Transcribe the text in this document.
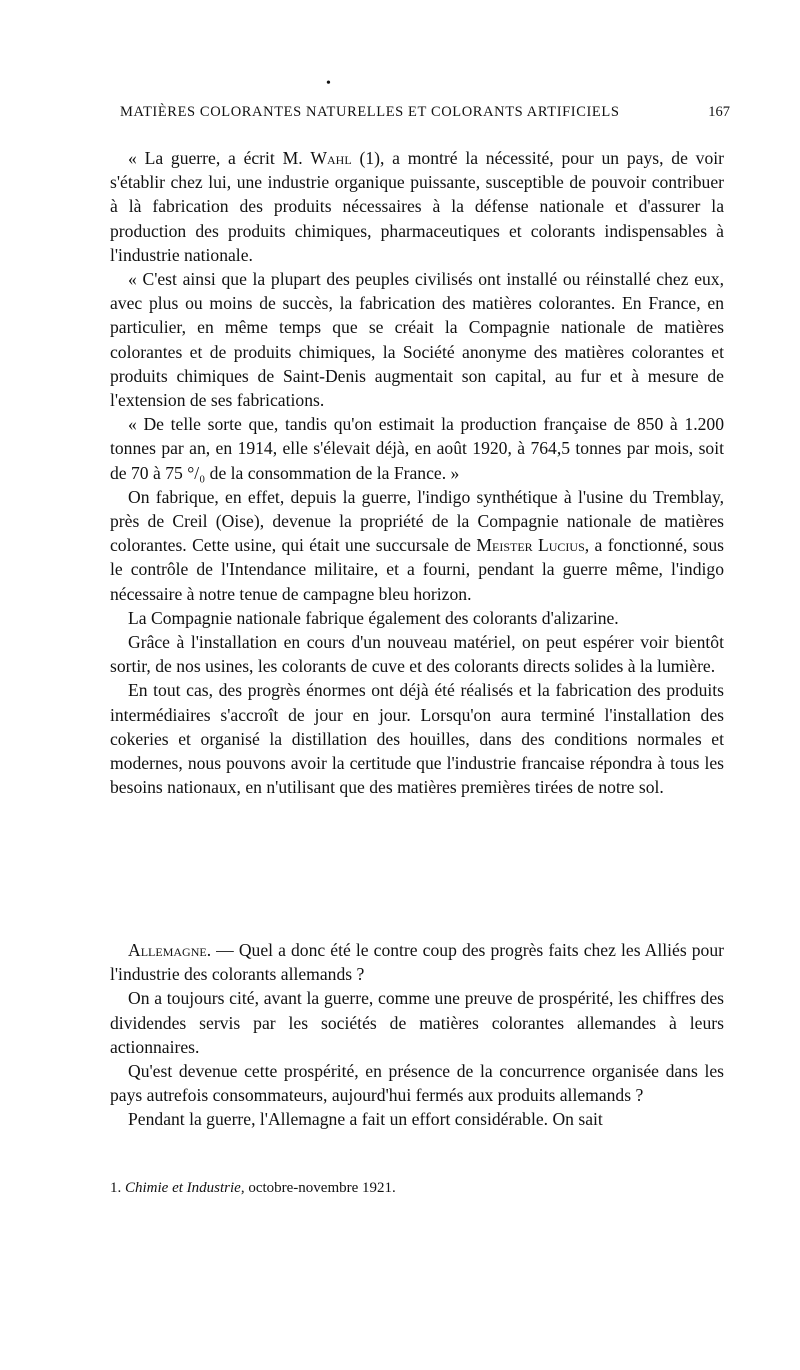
•
MATIÈRES COLORANTES NATURELLES ET COLORANTS ARTIFICIELS	167

« La guerre, a écrit M. Wahl (1), a montré la nécessité, pour un pays, de voir s'établir chez lui, une industrie organique puissante, susceptible de pouvoir contribuer à là fabrication des produits nécessaires à la défense nationale et d'assurer la production des produits chimiques, pharmaceutiques et colorants indispensables à l'industrie nationale.

« C'est ainsi que la plupart des peuples civilisés ont installé ou réinstallé chez eux, avec plus ou moins de succès, la fabrication des matières colorantes. En France, en particulier, en même temps que se créait la Compagnie nationale de matières colorantes et de produits chimiques, la Société anonyme des matières colorantes et produits chimiques de Saint-Denis augmentait son capital, au fur et à mesure de l'extension de ses fabrications.

« De telle sorte que, tandis qu'on estimait la production française de 850 à 1.200 tonnes par an, en 1914, elle s'élevait déjà, en août 1920, à 764,5 tonnes par mois, soit de 70 à 75 °/₀ de la consommation de la France. »

On fabrique, en effet, depuis la guerre, l'indigo synthétique à l'usine du Tremblay, près de Creil (Oise), devenue la propriété de la Compagnie nationale de matières colorantes. Cette usine, qui était une succursale de Meister Lucius, a fonctionné, sous le contrôle de l'Intendance militaire, et a fourni, pendant la guerre même, l'indigo nécessaire à notre tenue de campagne bleu horizon.

La Compagnie nationale fabrique également des colorants d'alizarine.

Grâce à l'installation en cours d'un nouveau matériel, on peut espérer voir bientôt sortir, de nos usines, les colorants de cuve et des colorants directs solides à la lumière.

En tout cas, des progrès énormes ont déjà été réalisés et la fabrication des produits intermédiaires s'accroît de jour en jour. Lorsqu'on aura terminé l'installation des cokeries et organisé la distillation des houilles, dans des conditions normales et modernes, nous pouvons avoir la certitude que l'industrie francaise répondra à tous les besoins nationaux, en n'utilisant que des matières premières tirées de notre sol.

Allemagne. — Quel a donc été le contre coup des progrès faits chez les Alliés pour l'industrie des colorants allemands ?

On a toujours cité, avant la guerre, comme une preuve de prospérité, les chiffres des dividendes servis par les sociétés de matières colorantes allemandes à leurs actionnaires.

Qu'est devenue cette prospérité, en présence de la concurrence organisée dans les pays autrefois consommateurs, aujourd'hui fermés aux produits allemands ?

Pendant la guerre, l'Allemagne a fait un effort considérable. On sait

1. Chimie et Industrie, octobre-novembre 1921.
